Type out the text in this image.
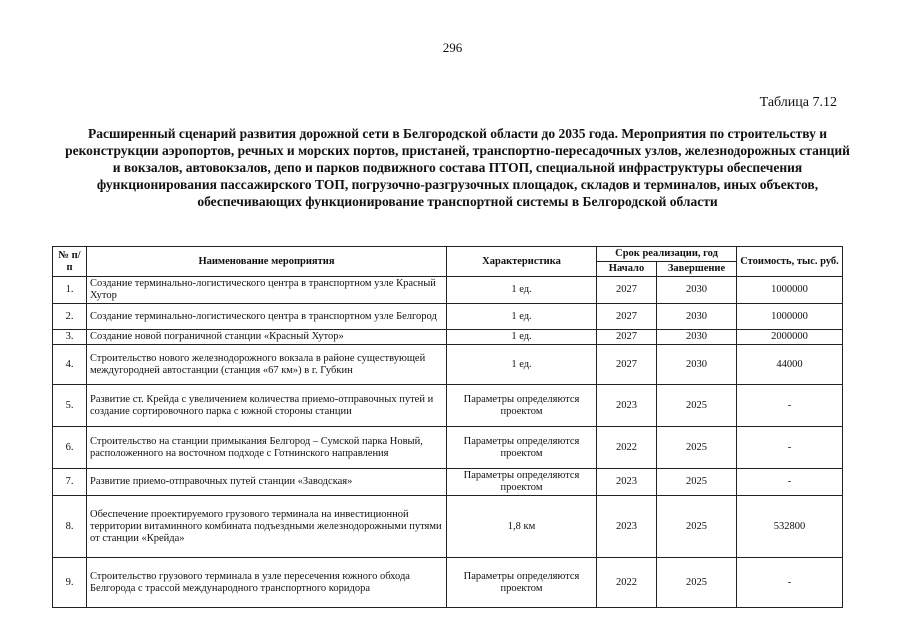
296
Таблица 7.12

Расширенный сценарий развития дорожной сети в Белгородской области до 2035 года. Мероприятия по строительству и реконструкции аэропортов, речных и морских портов, пристаней, транспортно-пересадочных узлов, железнодорожных станций и вокзалов, автовокзалов, депо и парков подвижного состава ПТОП, специальной инфраструктуры обеспечения функционирования пассажирского ТОП, погрузочно-разгрузочных площадок, складов и терминалов, иных объектов, обеспечивающих функционирование транспортной системы в Белгородской области

№ п/п	Наименование мероприятия	Характеристика	Срок реализации, год		Стоимость, тыс. руб.
			Начало	Завершение	
1.	Создание терминально-логистического центра в транспортном узле Красный Хутор	1 ед.	2027	2030	1000000
2.	Создание терминально-логистического центра в транспортном узле Белгород	1 ед.	2027	2030	1000000
3.	Создание новой пограничной станции «Красный Хутор»	1 ед.	2027	2030	2000000
4.	Строительство нового железнодорожного вокзала в районе существующей междугородней автостанции (станция «67 км») в г. Губкин	1 ед.	2027	2030	44000
5.	Развитие ст. Крейда с увеличением количества приемо-отправочных путей и создание сортировочного парка с южной стороны станции	Параметры определяются проектом	2023	2025	-
6.	Строительство на станции примыкания Белгород – Сумской парка Новый, расположенного на восточном подходе с Готнинского направления	Параметры определяются проектом	2022	2025	-
7.	Развитие приемо-отправочных путей станции «Заводская»	Параметры определяются проектом	2023	2025	-
8.	Обеспечение проектируемого грузового терминала на инвестиционной территории витаминного комбината подъездными железнодорожными путями от станции «Крейда»	1,8 км	2023	2025	532800
9.	Строительство грузового терминала в узле пересечения южного обхода Белгорода с трассой международного транспортного коридора	Параметры определяются проектом	2022	2025	-
